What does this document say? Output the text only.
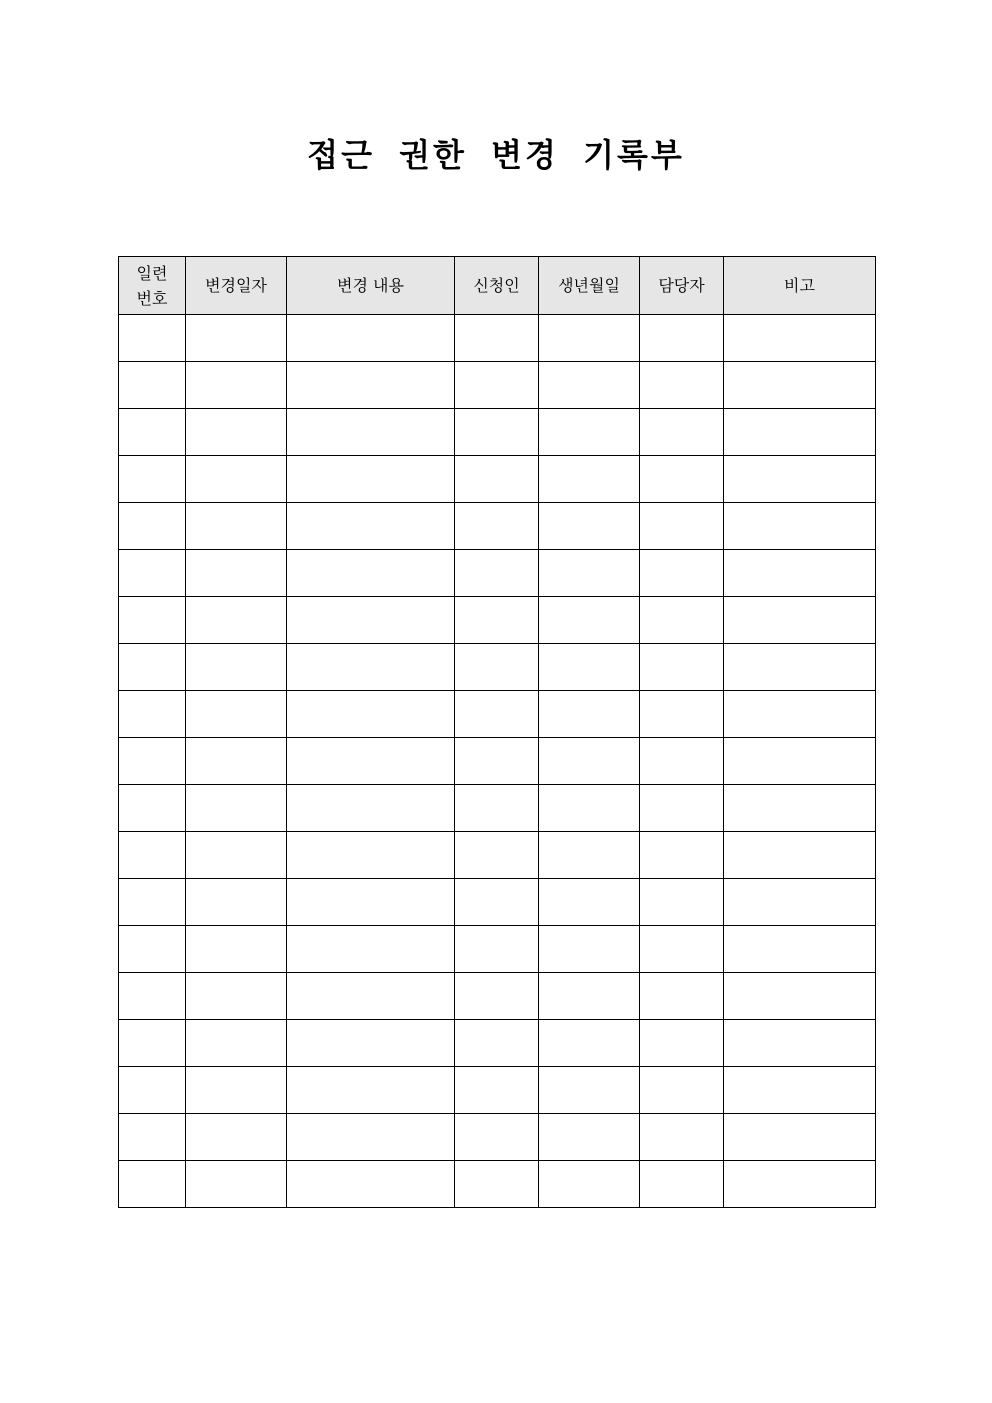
접근 권한 변경 기록부
일련
번호	변경일자	변경 내용	신청인	생년월일	담당자	비고
